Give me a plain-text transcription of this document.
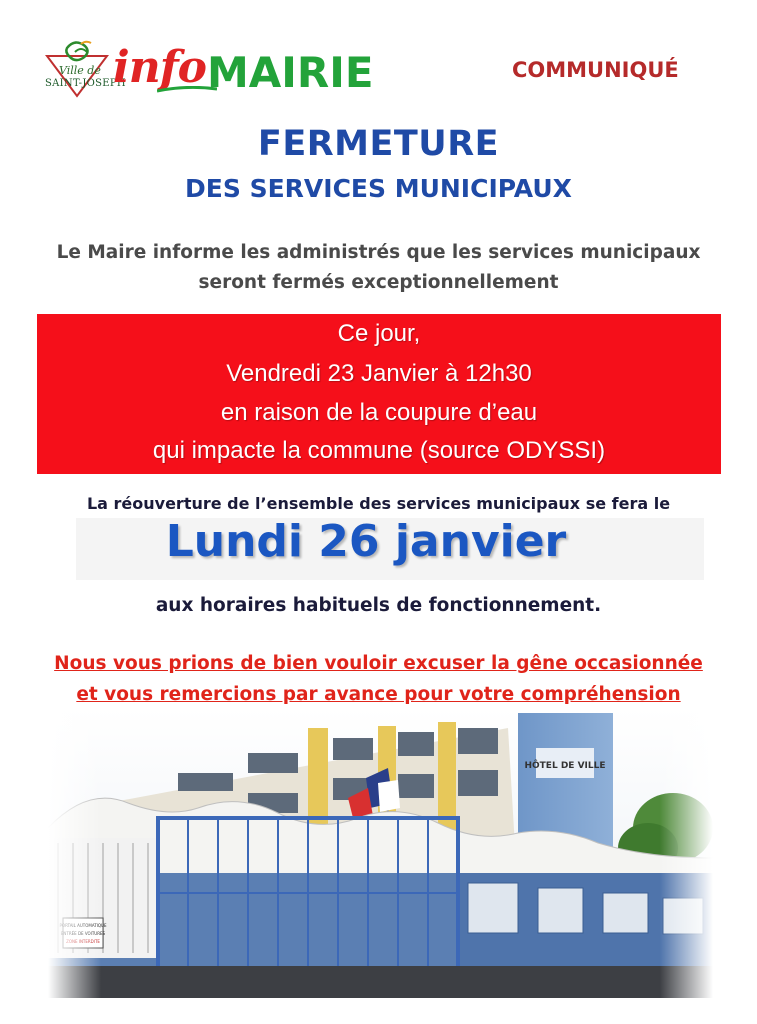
Ville de
SAINT-JOSEPH
info MAIRIE	COMMUNIQUÉ
FERMETURE
DES SERVICES MUNICIPAUX
Le Maire informe les administrés que les services municipaux
seront fermés exceptionnellement
Ce jour,
Vendredi 23 Janvier à 12h30
en raison de la coupure d’eau
qui impacte la commune (source ODYSSI)
La réouverture de l’ensemble des services municipaux se fera le
Lundi 26 janvier
aux horaires habituels de fonctionnement.
Nous vous prions de bien vouloir excuser la gêne occasionnée
et vous remercions par avance pour votre compréhension
